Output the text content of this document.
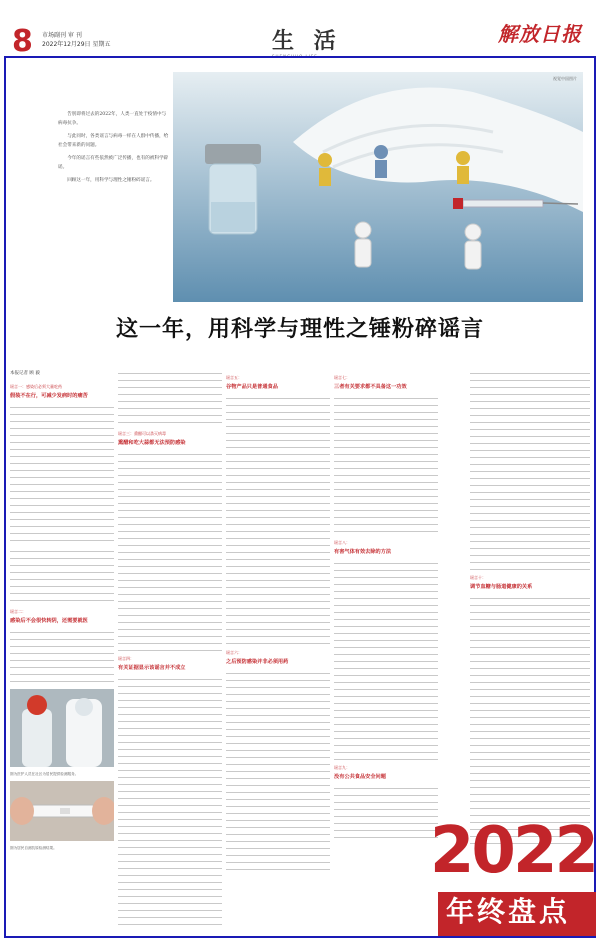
8 市场副刊 审 刊
2022年12月29日 星期五	生 活
SHENGHUO LIFE
解放日报

告别即将过去的2022年，人类一直处于疫情中与病毒抗争。

与此同时，各类谣言与病毒一样在人群中传播，给社会带来新的问题。

今年的谣言有些依然被广泛传播，也有的被科学辟谣。

回顾这一年，用科学与理性之锤粉碎谣言。

视觉中国图片
这一年，用科学与理性之锤粉碎谣言
本报记者 顾 毅
谣言一：感染后必须大量吃药
假装不在行，可减少发病时的痛苦
谣言二：
感染后不会很快转阴，还需要就医
图为医护人员在社区为居民提供检测服务。
图为居民自测抗原检测结果。
谣言三：熏醋可以杀灭病毒
熏醋和吃大蒜都无法预防感染
谣言四：
有关证据显示该谣言并不成立
谣言五：
谷物产品只是普通食品
谣言六：
之后预防感染并非必须用药
谣言七：
三者有关要求都不具备这一功效
谣言八：
有害气体有效去除的方法
谣言九：
没有公共食品安全问题
谣言十：
调节血糖与肠道健康的关系
2022
年终盘点
